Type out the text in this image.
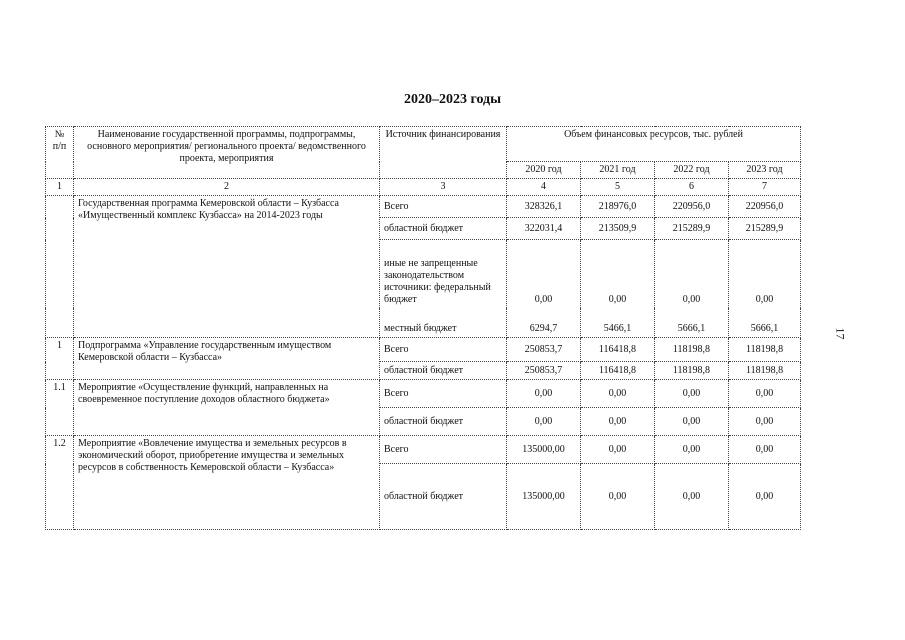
2020–2023 годы
17
№ п/п	Наименование государственной программы, подпрограммы, основного мероприятия/ регионального проекта/ ведомственного проекта, мероприятия	Источник финансирования	Объем финансовых ресурсов, тыс. рублей			
			2020 год	2021 год	2022 год	2023 год
1	2	3	4	5	6	7
	Государственная программа Кемеровской области – Кузбасса «Имущественный комплекс Кузбасса» на 2014-2023 годы	Всего	328326,1	218976,0	220956,0	220956,0
		областной бюджет	322031,4	213509,9	215289,9	215289,9
		иные не запрещенные законодательством источники: федеральный бюджет	0,00	0,00	0,00	0,00
		местный бюджет	6294,7	5466,1	5666,1	5666,1
1	Подпрограмма «Управление государственным имуществом Кемеровской области – Кузбасса»	Всего	250853,7	116418,8	118198,8	118198,8
		областной бюджет	250853,7	116418,8	118198,8	118198,8
1.1	Мероприятие «Осуществление функций, направленных на своевременное поступление доходов областного бюджета»	Всего	0,00	0,00	0,00	0,00
		областной бюджет	0,00	0,00	0,00	0,00
1.2	Мероприятие «Вовлечение имущества и земельных ресурсов в экономический оборот, приобретение имущества и земельных ресурсов в собственность Кемеровской области – Кузбасса»	Всего	135000,00	0,00	0,00	0,00
		областной бюджет	135000,00	0,00	0,00	0,00
